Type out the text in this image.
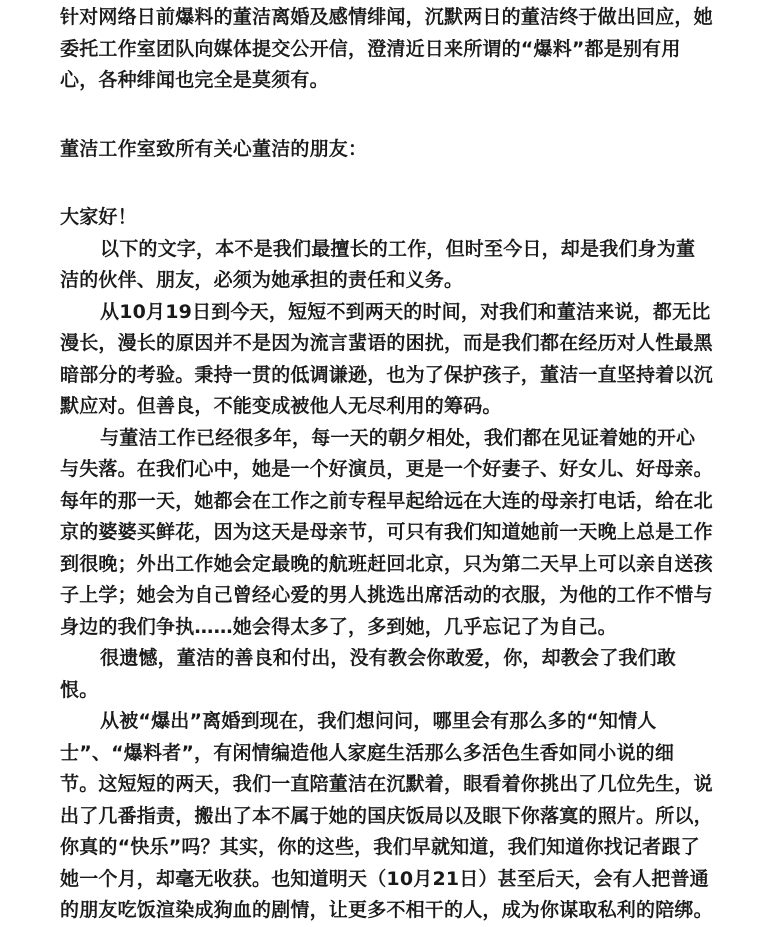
针对网络日前爆料的董洁离婚及感情绯闻，沉默两日的董洁终于做出回应，她
委托工作室团队向媒体提交公开信，澄清近日来所谓的“爆料”都是别有用
心，各种绯闻也完全是莫须有。
董洁工作室致所有关心董洁的朋友：
大家好！
以下的文字，本不是我们最擅长的工作，但时至今日，却是我们身为董
洁的伙伴、朋友，必须为她承担的责任和义务。
从10月19日到今天，短短不到两天的时间，对我们和董洁来说，都无比
漫长，漫长的原因并不是因为流言蜚语的困扰，而是我们都在经历对人性最黑
暗部分的考验。秉持一贯的低调谦逊，也为了保护孩子，董洁一直坚持着以沉
默应对。但善良，不能变成被他人无尽利用的筹码。
与董洁工作已经很多年，每一天的朝夕相处，我们都在见证着她的开心
与失落。在我们心中，她是一个好演员，更是一个好妻子、好女儿、好母亲。
每年的那一天，她都会在工作之前专程早起给远在大连的母亲打电话，给在北
京的婆婆买鲜花，因为这天是母亲节，可只有我们知道她前一天晚上总是工作
到很晚；外出工作她会定最晚的航班赶回北京，只为第二天早上可以亲自送孩
子上学；她会为自己曾经心爱的男人挑选出席活动的衣服，为他的工作不惜与
身边的我们争执……她会得太多了，多到她，几乎忘记了为自己。
很遗憾，董洁的善良和付出，没有教会你敢爱，你，却教会了我们敢
恨。
从被“爆出”离婚到现在，我们想问问，哪里会有那么多的“知情人
士”、“爆料者”，有闲情编造他人家庭生活那么多活色生香如同小说的细
节。这短短的两天，我们一直陪董洁在沉默着，眼看着你挑出了几位先生，说
出了几番指责，搬出了本不属于她的国庆饭局以及眼下你落寞的照片。所以，
你真的“快乐”吗？其实，你的这些，我们早就知道，我们知道你找记者跟了
她一个月，却毫无收获。也知道明天（10月21日）甚至后天，会有人把普通
的朋友吃饭渲染成狗血的剧情，让更多不相干的人，成为你谋取私利的陪绑。
